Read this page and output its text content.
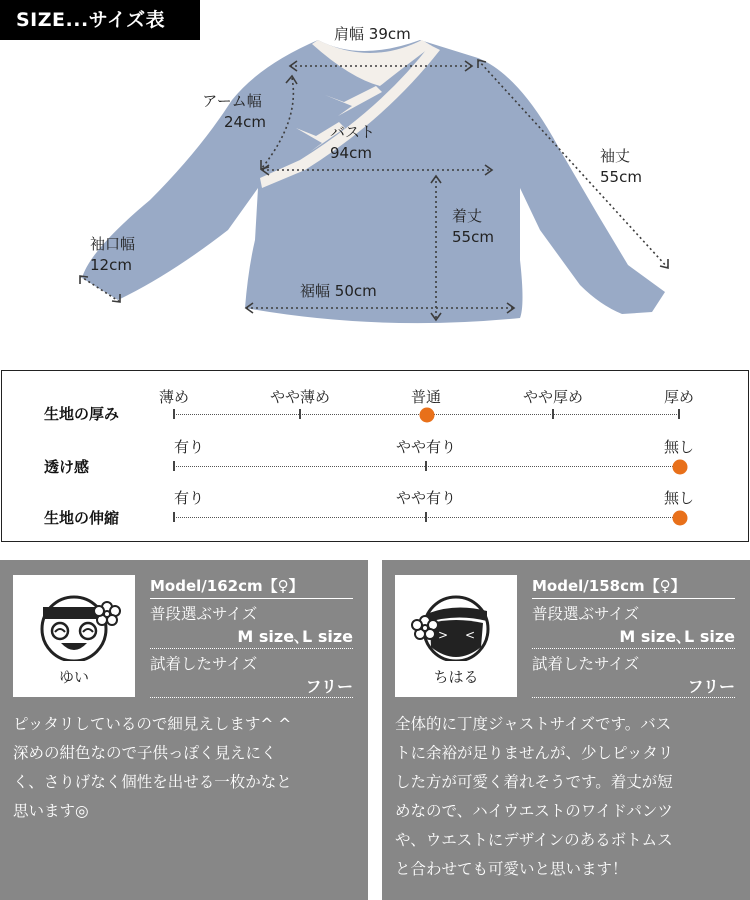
SIZE...サイズ表
肩幅 39cm
アーム幅
24cm
バスト
94cm	袖丈
55cm
着丈
55cm
袖口幅
12cm
裾幅 50cm
生地の厚み
薄め	やや薄め	普通	やや厚め	厚め
透け感
有り	やや有り	無し
生地の伸縮
有り	やや有り	無し
ゆい
Model/162cm【♀】
普段選ぶサイズ
M size､L size
試着したサイズ
フリー
ピッタリしているので細見えします^ ^
深めの紺色なので子供っぽく見えにく
く、さりげなく個性を出せる一枚かなと
思います◎
> <
ちはる
Model/158cm【♀】
普段選ぶサイズ
M size､L size
試着したサイズ
フリー
全体的に丁度ジャストサイズです。バス
トに余裕が足りませんが、少しピッタリ
した方が可愛く着れそうです。着丈が短
めなので、ハイウエストのワイドパンツ
や、ウエストにデザインのあるボトムス
と合わせても可愛いと思います！
